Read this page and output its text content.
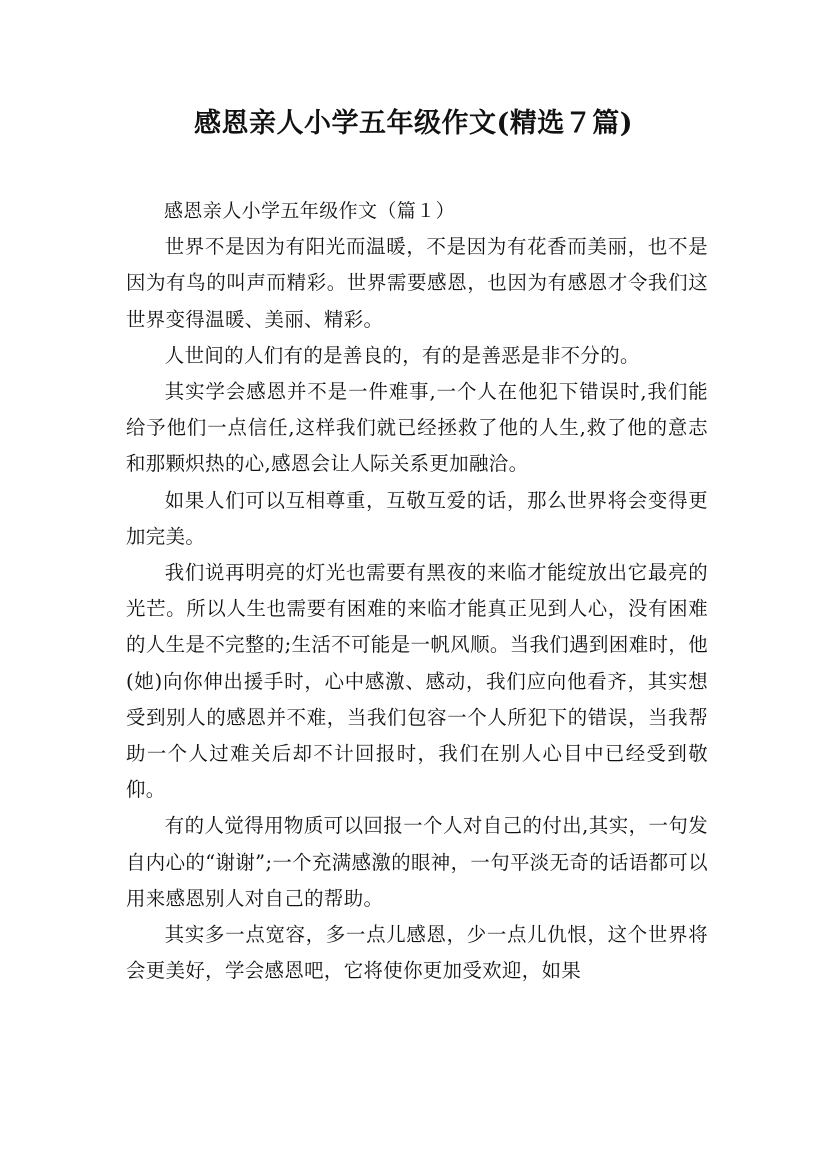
感恩亲人小学五年级作文(精选７篇)

感恩亲人小学五年级作文（篇１）

世界不是因为有阳光而温暖，不是因为有花香而美丽，也不是因为有鸟的叫声而精彩。世界需要感恩，也因为有感恩才令我们这世界变得温暖、美丽、精彩。

人世间的人们有的是善良的，有的是善恶是非不分的。

其实学会感恩并不是一件难事,一个人在他犯下错误时,我们能给予他们一点信任,这样我们就已经拯救了他的人生,救了他的意志和那颗炽热的心,感恩会让人际关系更加融洽。

如果人们可以互相尊重，互敬互爱的话，那么世界将会变得更加完美。

我们说再明亮的灯光也需要有黑夜的来临才能绽放出它最亮的光芒。所以人生也需要有困难的来临才能真正见到人心，没有困难的人生是不完整的;生活不可能是一帆风顺。当我们遇到困难时，他(她)向你伸出援手时，心中感激、感动，我们应向他看齐，其实想受到别人的感恩并不难，当我们包容一个人所犯下的错误，当我帮助一个人过难关后却不计回报时，我们在别人心目中已经受到敬仰。

有的人觉得用物质可以回报一个人对自己的付出,其实，一句发自内心的“谢谢”;一个充满感激的眼神，一句平淡无奇的话语都可以用来感恩别人对自己的帮助。

其实多一点宽容，多一点儿感恩，少一点儿仇恨，这个世界将会更美好，学会感恩吧，它将使你更加受欢迎，如果
